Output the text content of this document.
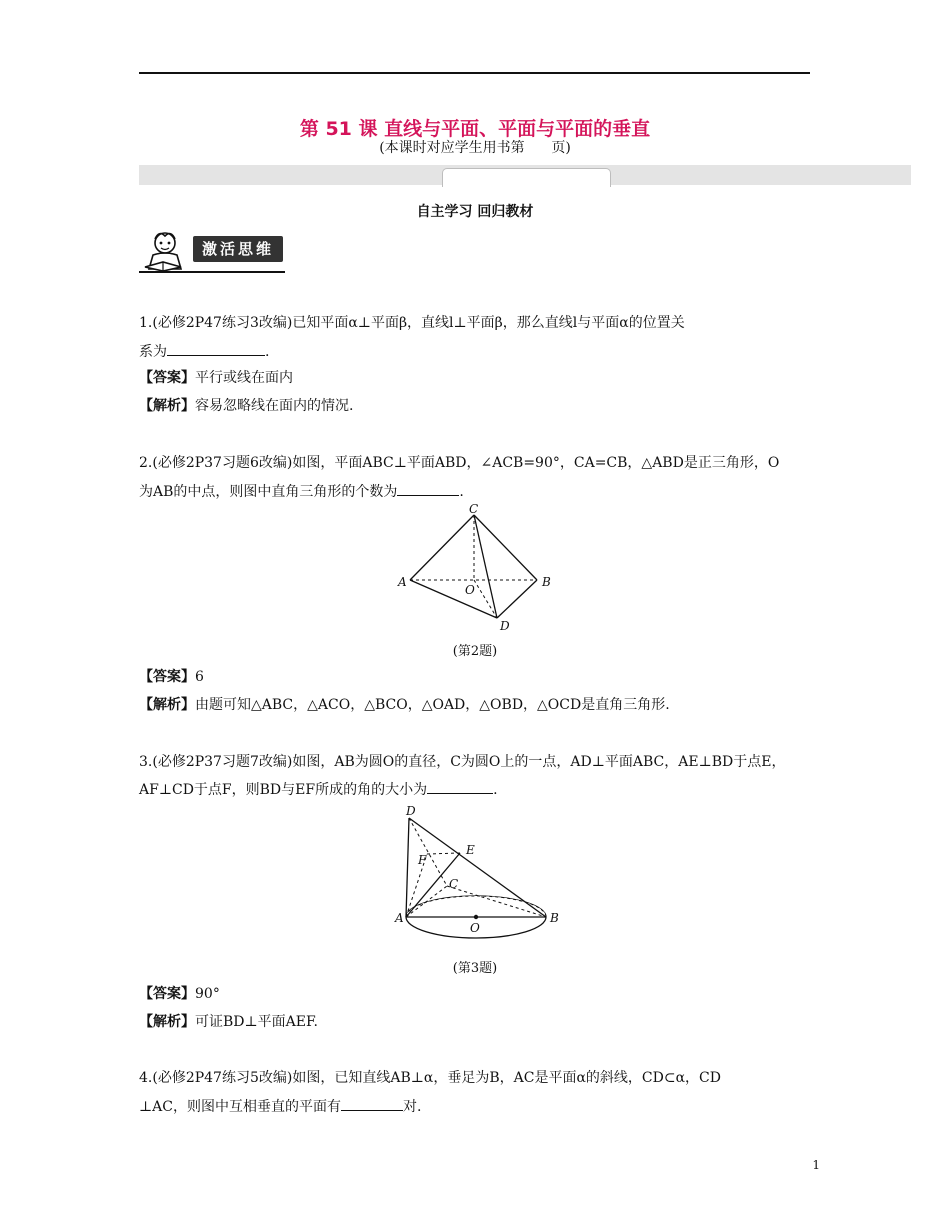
第 51 课 直线与平面、平面与平面的垂直
(本课时对应学生用书第      页)
自主学习 回归教材
激活思维
1.(必修2P47练习3改编)已知平面α⊥平面β，直线l⊥平面β，那么直线l与平面α的位置关
系为	.
【答案】平行或线在面内
【解析】容易忽略线在面内的情况.
2.(必修2P37习题6改编)如图，平面ABC⊥平面ABD，∠ACB=90°，CA=CB，△ABD是正三角形，O
为AB的中点，则图中直角三角形的个数为	.
C
A	B
O
D
(第2题)
【答案】6
【解析】由题可知△ABC，△ACO，△BCO，△OAD，△OBD，△OCD是直角三角形.
3.(必修2P37习题7改编)如图，AB为圆O的直径，C为圆O上的一点，AD⊥平面ABC，AE⊥BD于点E，
AF⊥CD于点F，则BD与EF所成的角的大小为	.
D
E
F
C
A	B
O
(第3题)
【答案】90°
【解析】可证BD⊥平面AEF.
4.(必修2P47练习5改编)如图，已知直线AB⊥α，垂足为B，AC是平面α的斜线，CD⊂α，CD
⊥AC，则图中互相垂直的平面有	对.
1
